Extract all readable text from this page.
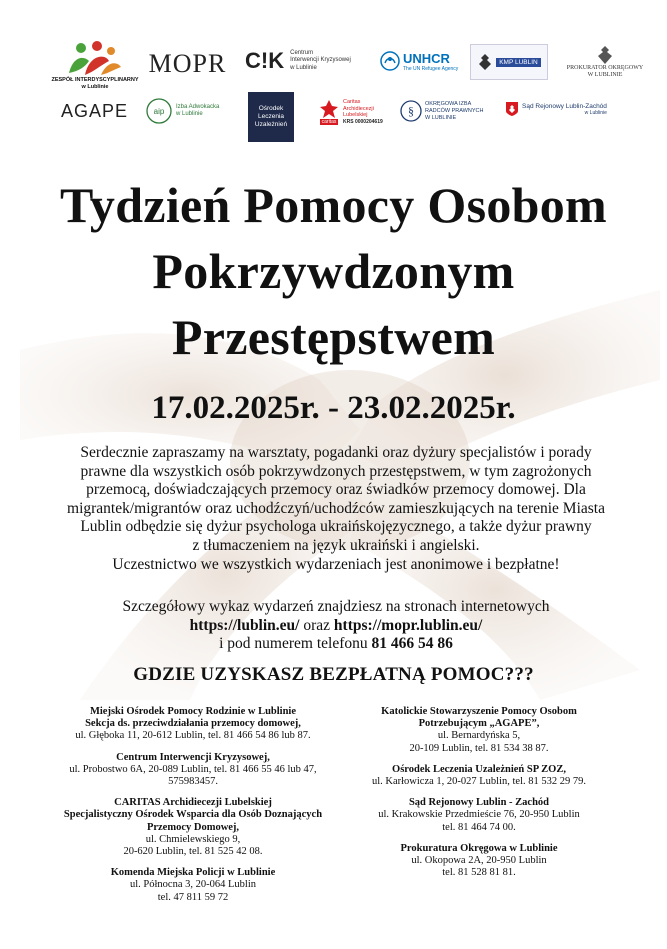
ZESPÓŁ INTERDYSCYPLINARNY
w Lublinie
MOPR C!K Centrum
Interwencji Kryzysowej
w Lublinie
UNHCR
The UN Refugee Agency
KMP LUBLIN
PROKURATOR OKRĘGOWY
W LUBLINIE
AGAPE	aip
Izba Adwokacka
w Lublinie
Ośrodek
Leczenia
Uzależnień	caritas
Caritas
Archidiecezji
Lubelskiej
KRS 0000204619
§
OKRĘGOWA IZBA
RADCÓW PRAWNYCH
W LUBLINIE
Sąd Rejonowy Lublin-Zachód
w Lublinie
Tydzień Pomocy Osobom
Pokrzywdzonym
Przestępstwem
17.02.2025r. - 23.02.2025r.
Serdecznie zapraszamy na warsztaty, pogadanki oraz dyżury specjalistów i porady
prawne dla wszystkich osób pokrzywdzonych przestępstwem, w tym zagrożonych
przemocą, doświadczających przemocy oraz świadków przemocy domowej. Dla
migrantek/migrantów oraz uchodźczyń/uchodźców zamieszkujących na terenie Miasta
Lublin odbędzie się dyżur psychologa ukraińskojęzycznego, a także dyżur prawny
z tłumaczeniem na język ukraiński i angielski.
Uczestnictwo we wszystkich wydarzeniach jest anonimowe i bezpłatne!
Szczegółowy wykaz wydarzeń znajdziesz na stronach internetowych
https://lublin.eu/ oraz https://mopr.lublin.eu/
i pod numerem telefonu 81 466 54 86
GDZIE UZYSKASZ BEZPŁATNĄ POMOC???
Miejski Ośrodek Pomocy Rodzinie w Lublinie
Sekcja ds. przeciwdziałania przemocy domowej,
ul. Głęboka 11, 20-612 Lublin, tel. 81 466 54 86 lub 87.
Centrum Interwencji Kryzysowej,
ul. Probostwo 6A, 20-089 Lublin, tel. 81 466 55 46 lub 47,
575983457.
CARITAS Archidiecezji Lubelskiej
Specjalistyczny Ośrodek Wsparcia dla Osób Doznających
Przemocy Domowej,
ul. Chmielewskiego 9,
20-620 Lublin, tel. 81 525 42 08.
Komenda Miejska Policji w Lublinie
ul. Północna 3, 20-064 Lublin
tel. 47 811 59 72
Katolickie Stowarzyszenie Pomocy Osobom
Potrzebującym „AGAPE”,
ul. Bernardyńska 5,
20-109 Lublin, tel. 81 534 38 87.
Ośrodek Leczenia Uzależnień SP ZOZ,
ul. Karłowicza 1, 20-027 Lublin, tel. 81 532 29 79.
Sąd Rejonowy Lublin - Zachód
ul. Krakowskie Przedmieście 76, 20-950 Lublin
tel. 81 464 74 00.
Prokuratura Okręgowa w Lublinie
ul. Okopowa 2A, 20-950 Lublin
tel. 81 528 81 81.
